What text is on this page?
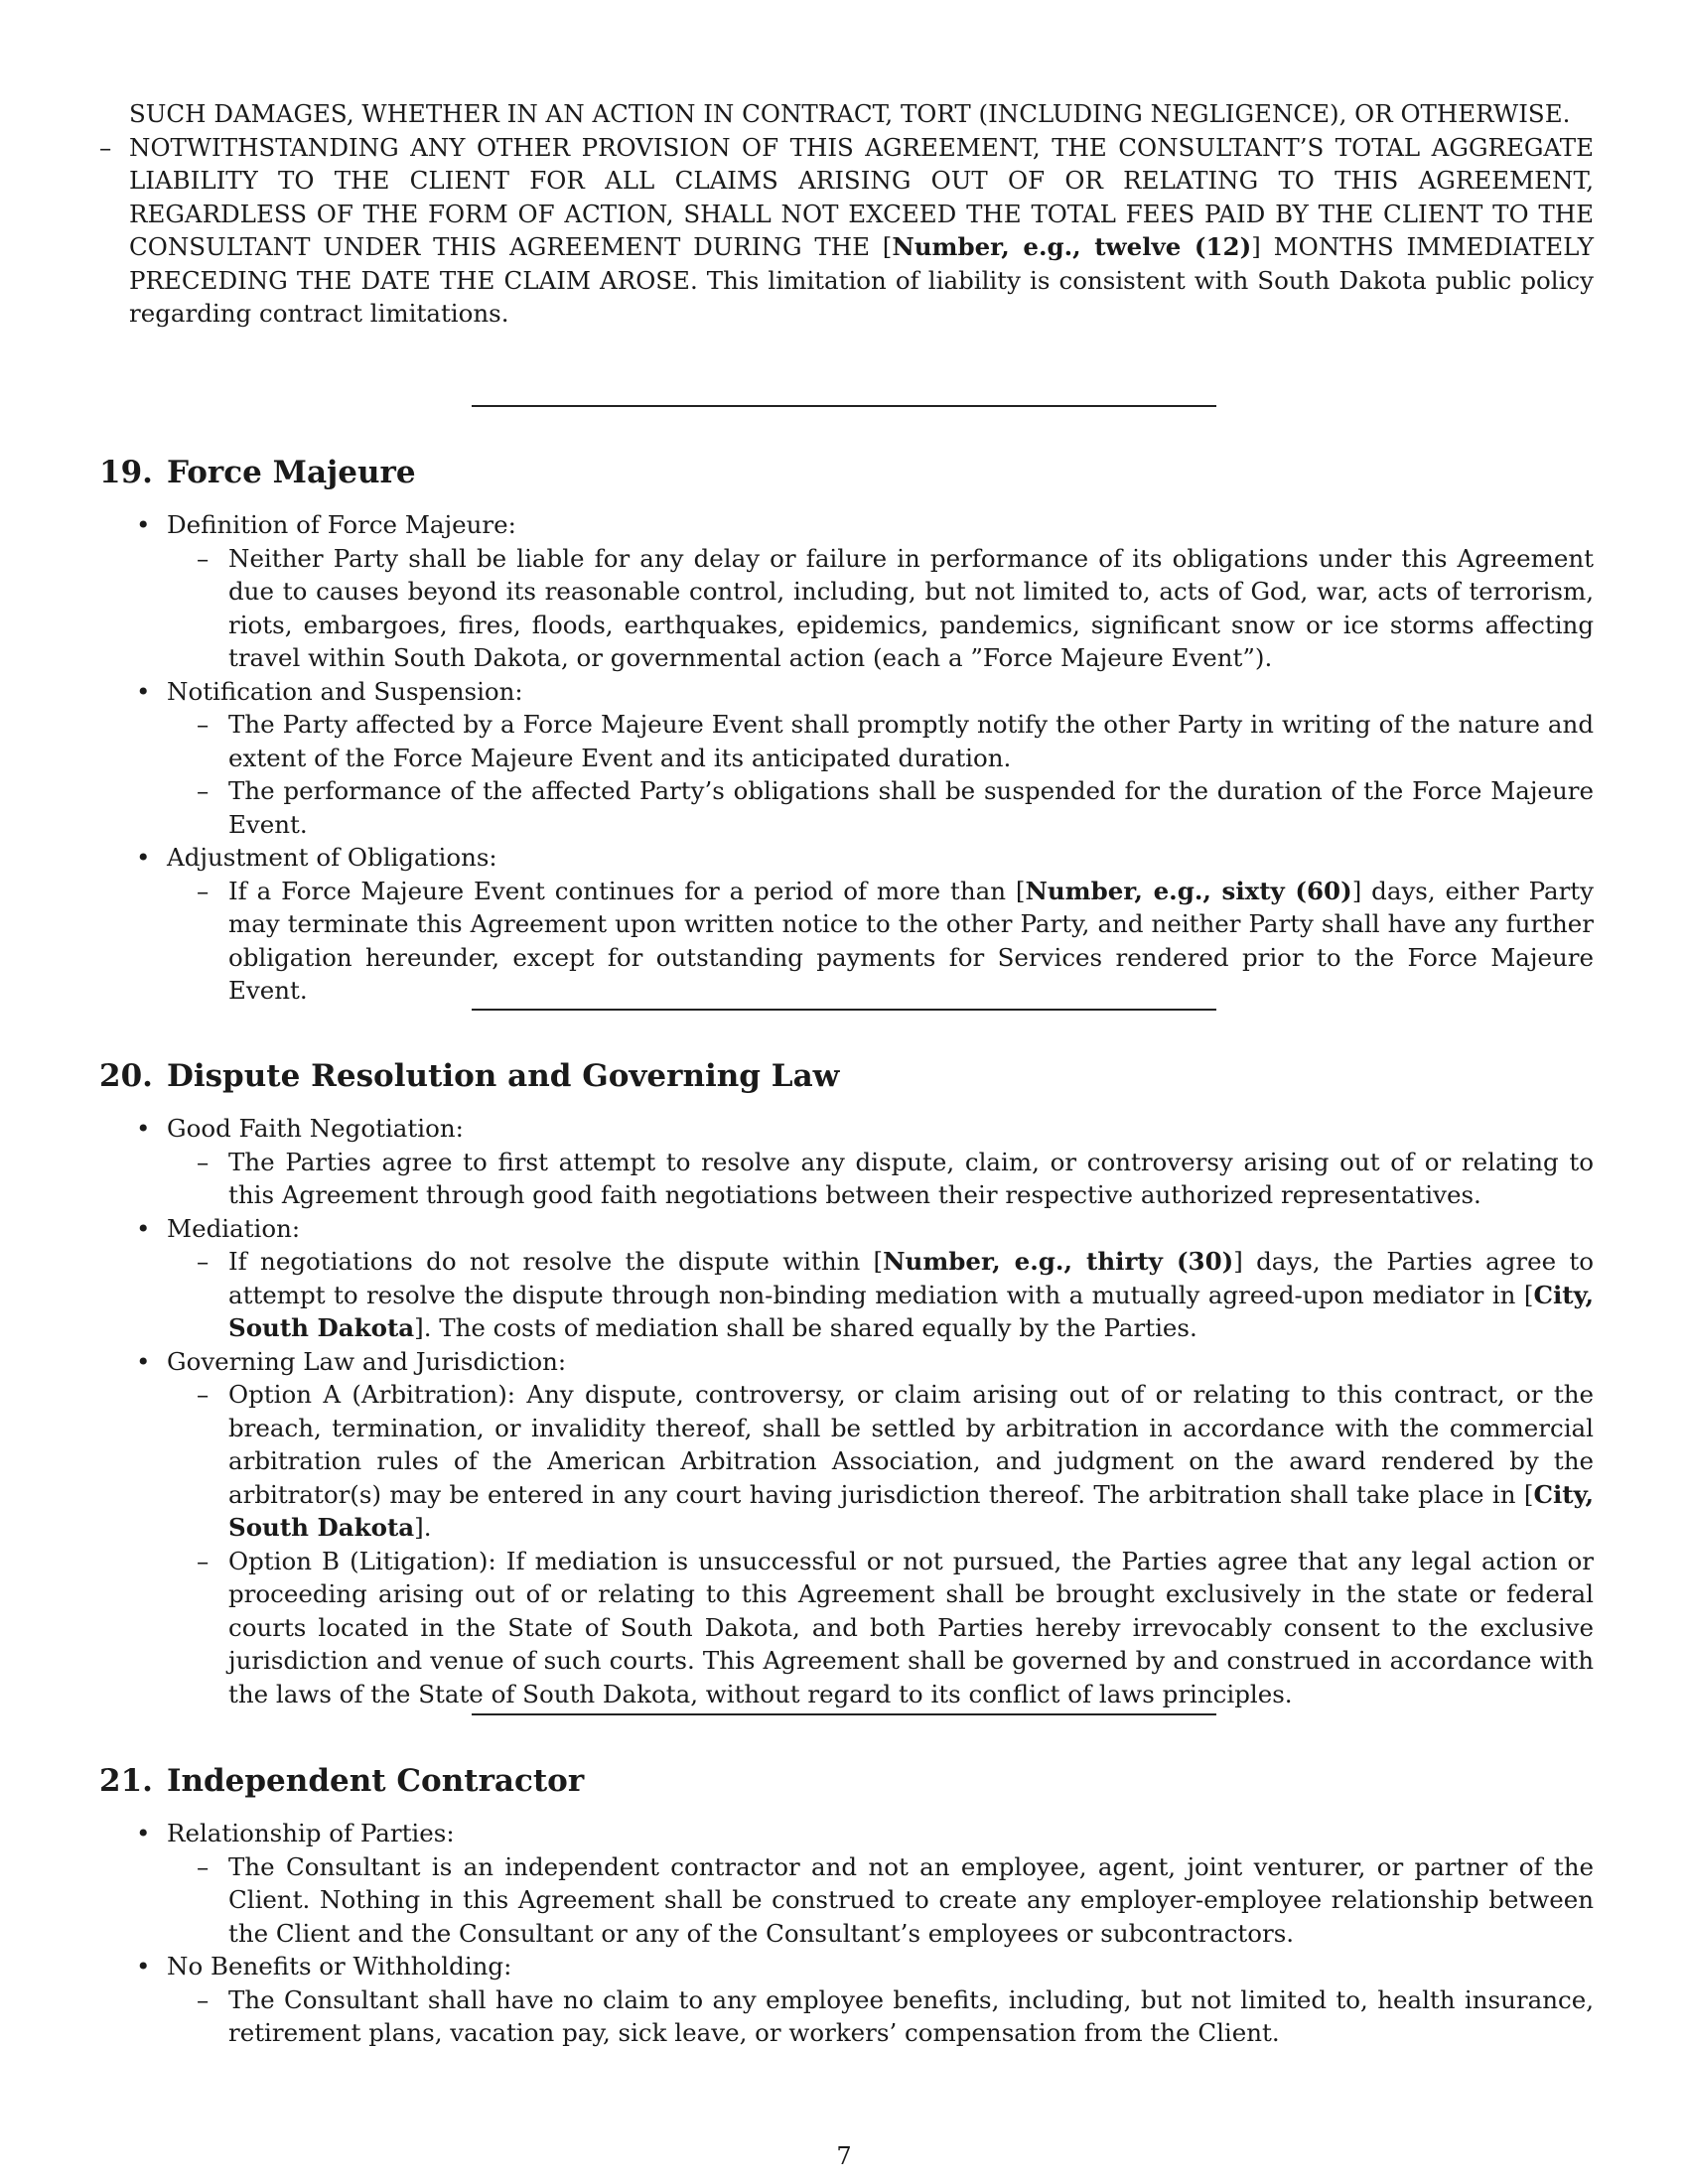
SUCH DAMAGES, WHETHER IN AN ACTION IN CONTRACT, TORT (INCLUDING NEGLIGENCE), OR OTHERWISE.
– NOTWITHSTANDING ANY OTHER PROVISION OF THIS AGREEMENT, THE CONSULTANT’S TOTAL AGGREGATE LIABILITY TO THE CLIENT FOR ALL CLAIMS ARISING OUT OF OR RELATING TO THIS AGREEMENT, REGARDLESS OF THE FORM OF ACTION, SHALL NOT EXCEED THE TOTAL FEES PAID BY THE CLIENT TO THE CONSULTANT UNDER THIS AGREEMENT DURING THE [Number, e.g., twelve (12)] MONTHS IMMEDIATELY PRECEDING THE DATE THE CLAIM AROSE. This limitation of liability is consistent with South Dakota public policy regarding contract limitations.
19. Force Majeure
• Definition of Force Majeure:
– Neither Party shall be liable for any delay or failure in performance of its obligations under this Agreement due to causes beyond its reasonable control, including, but not limited to, acts of God, war, acts of terrorism, riots, embargoes, fires, floods, earthquakes, epidemics, pandemics, significant snow or ice storms affecting travel within South Dakota, or governmental action (each a ”Force Majeure Event”).
• Notification and Suspension:
– The Party affected by a Force Majeure Event shall promptly notify the other Party in writing of the nature and extent of the Force Majeure Event and its anticipated duration.
– The performance of the affected Party’s obligations shall be suspended for the duration of the Force Majeure Event.
• Adjustment of Obligations:
– If a Force Majeure Event continues for a period of more than [Number, e.g., sixty (60)] days, either Party may terminate this Agreement upon written notice to the other Party, and neither Party shall have any further obligation hereunder, except for outstanding payments for Services rendered prior to the Force Majeure Event.
20. Dispute Resolution and Governing Law
• Good Faith Negotiation:
– The Parties agree to first attempt to resolve any dispute, claim, or controversy arising out of or relating to this Agreement through good faith negotiations between their respective authorized representatives.
• Mediation:
– If negotiations do not resolve the dispute within [Number, e.g., thirty (30)] days, the Parties agree to attempt to resolve the dispute through non-binding mediation with a mutually agreed-upon mediator in [City, South Dakota]. The costs of mediation shall be shared equally by the Parties.
• Governing Law and Jurisdiction:
– Option A (Arbitration): Any dispute, controversy, or claim arising out of or relating to this contract, or the breach, termination, or invalidity thereof, shall be settled by arbitration in accordance with the commercial arbitration rules of the American Arbitration Association, and judgment on the award rendered by the arbitrator(s) may be entered in any court having jurisdiction thereof. The arbitration shall take place in [City, South Dakota].
– Option B (Litigation): If mediation is unsuccessful or not pursued, the Parties agree that any legal action or proceeding arising out of or relating to this Agreement shall be brought exclusively in the state or federal courts located in the State of South Dakota, and both Parties hereby irrevocably consent to the exclusive jurisdiction and venue of such courts. This Agreement shall be governed by and construed in accordance with the laws of the State of South Dakota, without regard to its conflict of laws principles.
21. Independent Contractor
• Relationship of Parties:
– The Consultant is an independent contractor and not an employee, agent, joint venturer, or partner of the Client. Nothing in this Agreement shall be construed to create any employer-employee relationship between the Client and the Consultant or any of the Consultant’s employees or subcontractors.
• No Benefits or Withholding:
– The Consultant shall have no claim to any employee benefits, including, but not limited to, health insurance, retirement plans, vacation pay, sick leave, or workers’ compensation from the Client.
7
